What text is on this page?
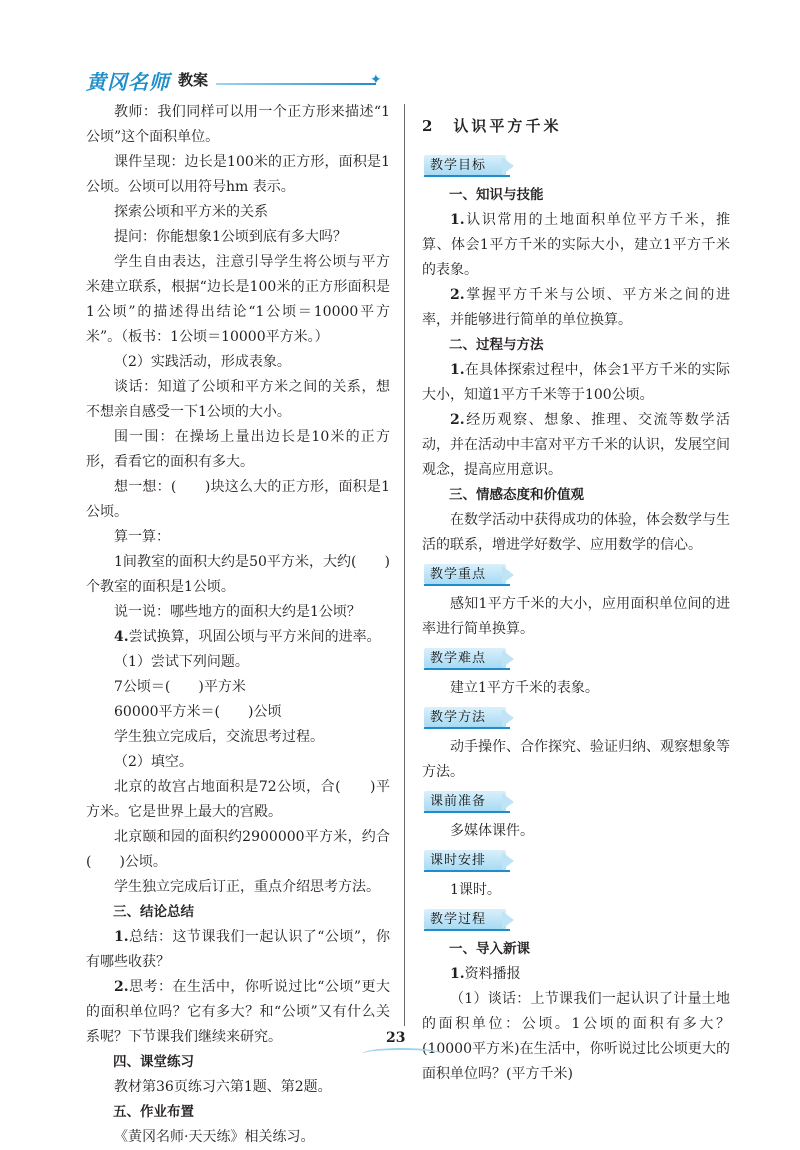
黄冈名师 教案	✦

教师：我们同样可以用一个正方形来描述“1公顷”这个面积单位。

课件呈现：边长是100米的正方形，面积是1公顷。公顷可以用符号hm 表示。

探索公顷和平方米的关系

提问：你能想象1公顷到底有多大吗？

学生自由表达，注意引导学生将公顷与平方米建立联系，根据“边长是100米的正方形面积是1公顷”的描述得出结论“1公顷＝10000平方米”。（板书：1公顷＝10000平方米。）

（2）实践活动，形成表象。

谈话：知道了公顷和平方米之间的关系，想不想亲自感受一下1公顷的大小。

围一围：在操场上量出边长是10米的正方形，看看它的面积有多大。

想一想：(　　)块这么大的正方形，面积是1公顷。

算一算：

1间教室的面积大约是50平方米，大约(　　)个教室的面积是1公顷。

说一说：哪些地方的面积大约是1公顷？

4.尝试换算，巩固公顷与平方米间的进率。

（1）尝试下列问题。

7公顷＝(　　)平方米

60000平方米＝(　　)公顷

学生独立完成后，交流思考过程。

（2）填空。

北京的故宫占地面积是72公顷，合(　　)平方米。它是世界上最大的宫殿。

北京颐和园的面积约2900000平方米，约合(　　)公顷。

学生独立完成后订正，重点介绍思考方法。

三、结论总结

1.总结：这节课我们一起认识了“公顷”，你有哪些收获？

2.思考：在生活中，你听说过比“公顷”更大的面积单位吗？它有多大？和“公顷”又有什么关系呢？下节课我们继续来研究。

四、课堂练习

教材第36页练习六第1题、第2题。

五、作业布置

《黄冈名师·天天练》相关练习。

2　认识平方千米

教学目标

一、知识与技能

1.认识常用的土地面积单位平方千米，推算、体会1平方千米的实际大小，建立1平方千米的表象。

2.掌握平方千米与公顷、平方米之间的进率，并能够进行简单的单位换算。

二、过程与方法

1.在具体探索过程中，体会1平方千米的实际大小，知道1平方千米等于100公顷。

2.经历观察、想象、推理、交流等数学活动，并在活动中丰富对平方千米的认识，发展空间观念，提高应用意识。

三、情感态度和价值观

在数学活动中获得成功的体验，体会数学与生活的联系，增进学好数学、应用数学的信心。

教学重点

感知1平方千米的大小，应用面积单位间的进率进行简单换算。

教学难点

建立1平方千米的表象。

教学方法

动手操作、合作探究、验证归纳、观察想象等方法。

课前准备

多媒体课件。

课时安排

1课时。

教学过程

一、导入新课

1.资料播报

（1）谈话：上节课我们一起认识了计量土地的面积单位：公顷。1公顷的面积有多大？(10000平方米)在生活中，你听说过比公顷更大的面积单位吗？(平方千米)

23
